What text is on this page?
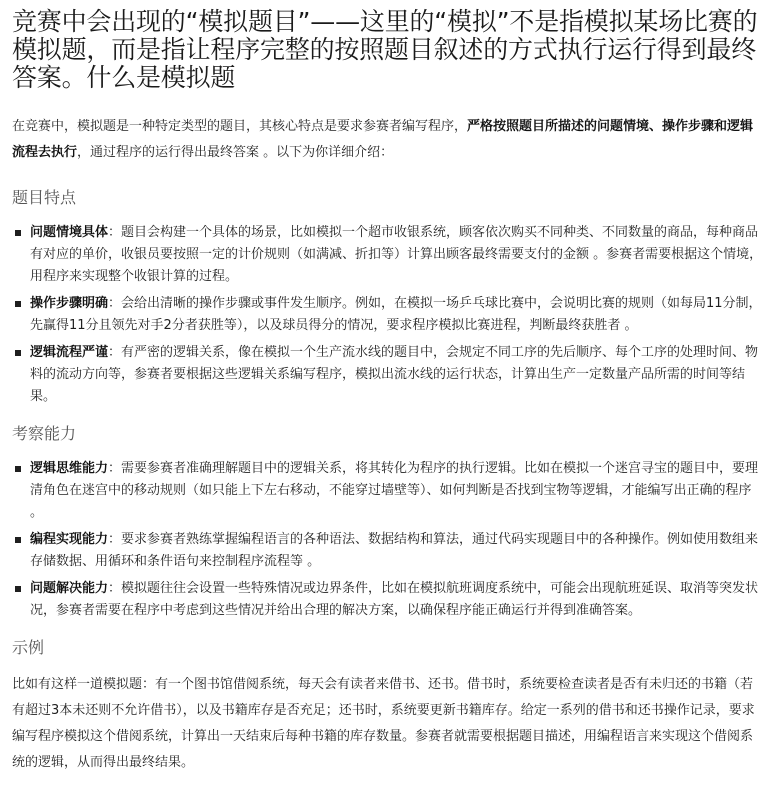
竞赛中会出现的“模拟题目”——这里的“模拟”不是指模拟某场比赛的模拟题，而是指让程序完整的按照题目叙述的方式执行运行得到最终答案。什么是模拟题

在竞赛中，模拟题是一种特定类型的题目，其核心特点是要求参赛者编写程序，严格按照题目所描述的问题情境、操作步骤和逻辑流程去执行，通过程序的运行得出最终答案 。以下为你详细介绍：

题目特点
问题情境具体：题目会构建一个具体的场景，比如模拟一个超市收银系统，顾客依次购买不同种类、不同数量的商品，每种商品有对应的单价，收银员要按照一定的计价规则（如满减、折扣等）计算出顾客最终需要支付的金额 。参赛者需要根据这个情境，用程序来实现整个收银计算的过程。
操作步骤明确：会给出清晰的操作步骤或事件发生顺序。例如，在模拟一场乒乓球比赛中，会说明比赛的规则（如每局11分制，先赢得11分且领先对手2分者获胜等），以及球员得分的情况，要求程序模拟比赛进程，判断最终获胜者 。
逻辑流程严谨：有严密的逻辑关系，像在模拟一个生产流水线的题目中，会规定不同工序的先后顺序、每个工序的处理时间、物料的流动方向等，参赛者要根据这些逻辑关系编写程序，模拟出流水线的运行状态，计算出生产一定数量产品所需的时间等结果。
考察能力
逻辑思维能力：需要参赛者准确理解题目中的逻辑关系，将其转化为程序的执行逻辑。比如在模拟一个迷宫寻宝的题目中，要理清角色在迷宫中的移动规则（如只能上下左右移动，不能穿过墙壁等）、如何判断是否找到宝物等逻辑，才能编写出正确的程序 。
编程实现能力：要求参赛者熟练掌握编程语言的各种语法、数据结构和算法，通过代码实现题目中的各种操作。例如使用数组来存储数据、用循环和条件语句来控制程序流程等 。
问题解决能力：模拟题往往会设置一些特殊情况或边界条件，比如在模拟航班调度系统中，可能会出现航班延误、取消等突发状况，参赛者需要在程序中考虑到这些情况并给出合理的解决方案，以确保程序能正确运行并得到准确答案。
示例

比如有这样一道模拟题：有一个图书馆借阅系统，每天会有读者来借书、还书。借书时，系统要检查读者是否有未归还的书籍（若有超过3本未还则不允许借书），以及书籍库存是否充足；还书时，系统要更新书籍库存。给定一系列的借书和还书操作记录，要求编写程序模拟这个借阅系统，计算出一天结束后每种书籍的库存数量。参赛者就需要根据题目描述，用编程语言来实现这个借阅系统的逻辑，从而得出最终结果。
